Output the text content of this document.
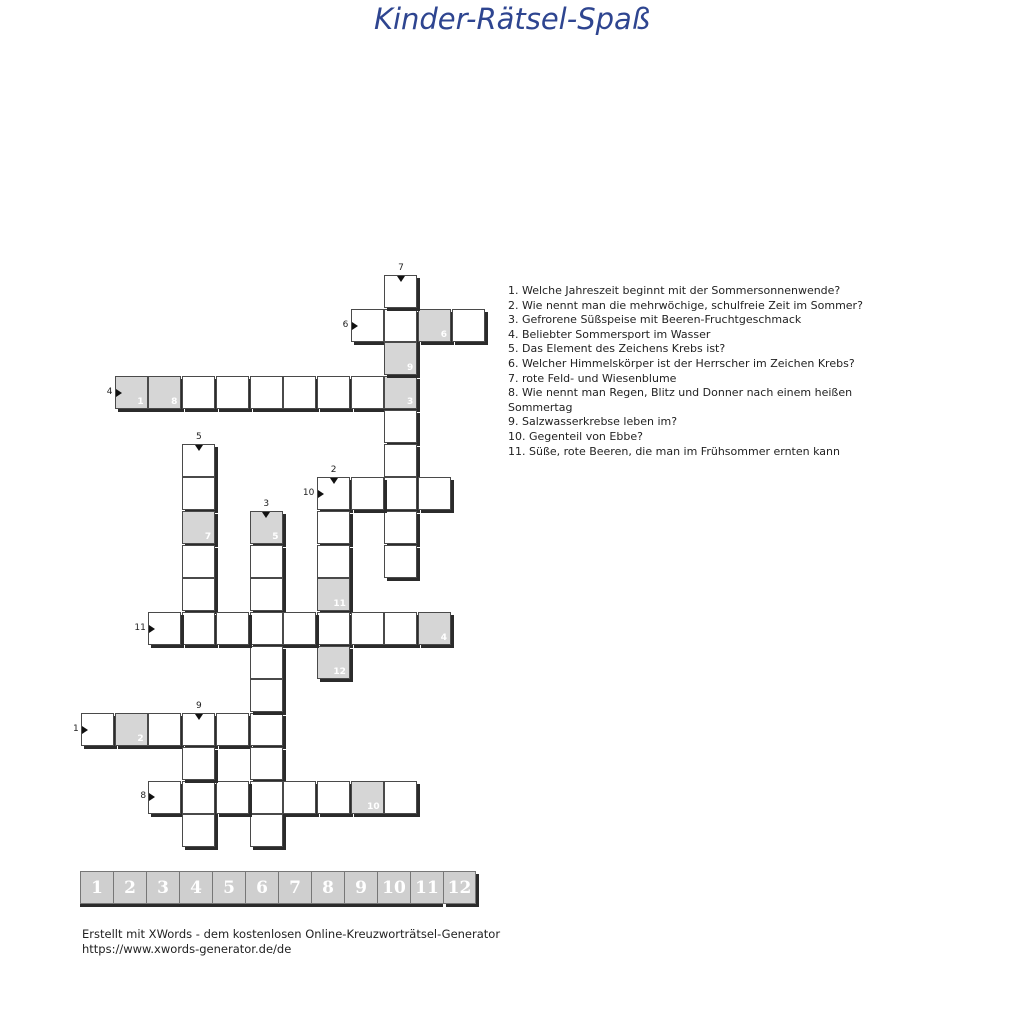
Kinder-Rätsel-Spaß
2
11
12
5
1	8	3
7
6
9
10
4
1
2
3
4
5
6
7
8
9
10
11
1. Welche Jahreszeit beginnt mit der Sommersonnenwende?
2. Wie nennt man die mehrwöchige, schulfreie Zeit im Sommer?
3. Gefrorene Süßspeise mit Beeren-Fruchtgeschmack
4. Beliebter Sommersport im Wasser
5. Das Element des Zeichens Krebs ist?
6. Welcher Himmelskörper ist der Herrscher im Zeichen Krebs?
7. rote Feld- und Wiesenblume
8. Wie nennt man Regen, Blitz und Donner nach einem heißen Sommertag
9. Salzwasserkrebse leben im?
10. Gegenteil von Ebbe?
11. Süße, rote Beeren, die man im Frühsommer ernten kann
1	2	3	4	5	6	7	8	9 10 11 12
Erstellt mit XWords - dem kostenlosen Online-Kreuzworträtsel-Generator
https://www.xwords-generator.de/de
